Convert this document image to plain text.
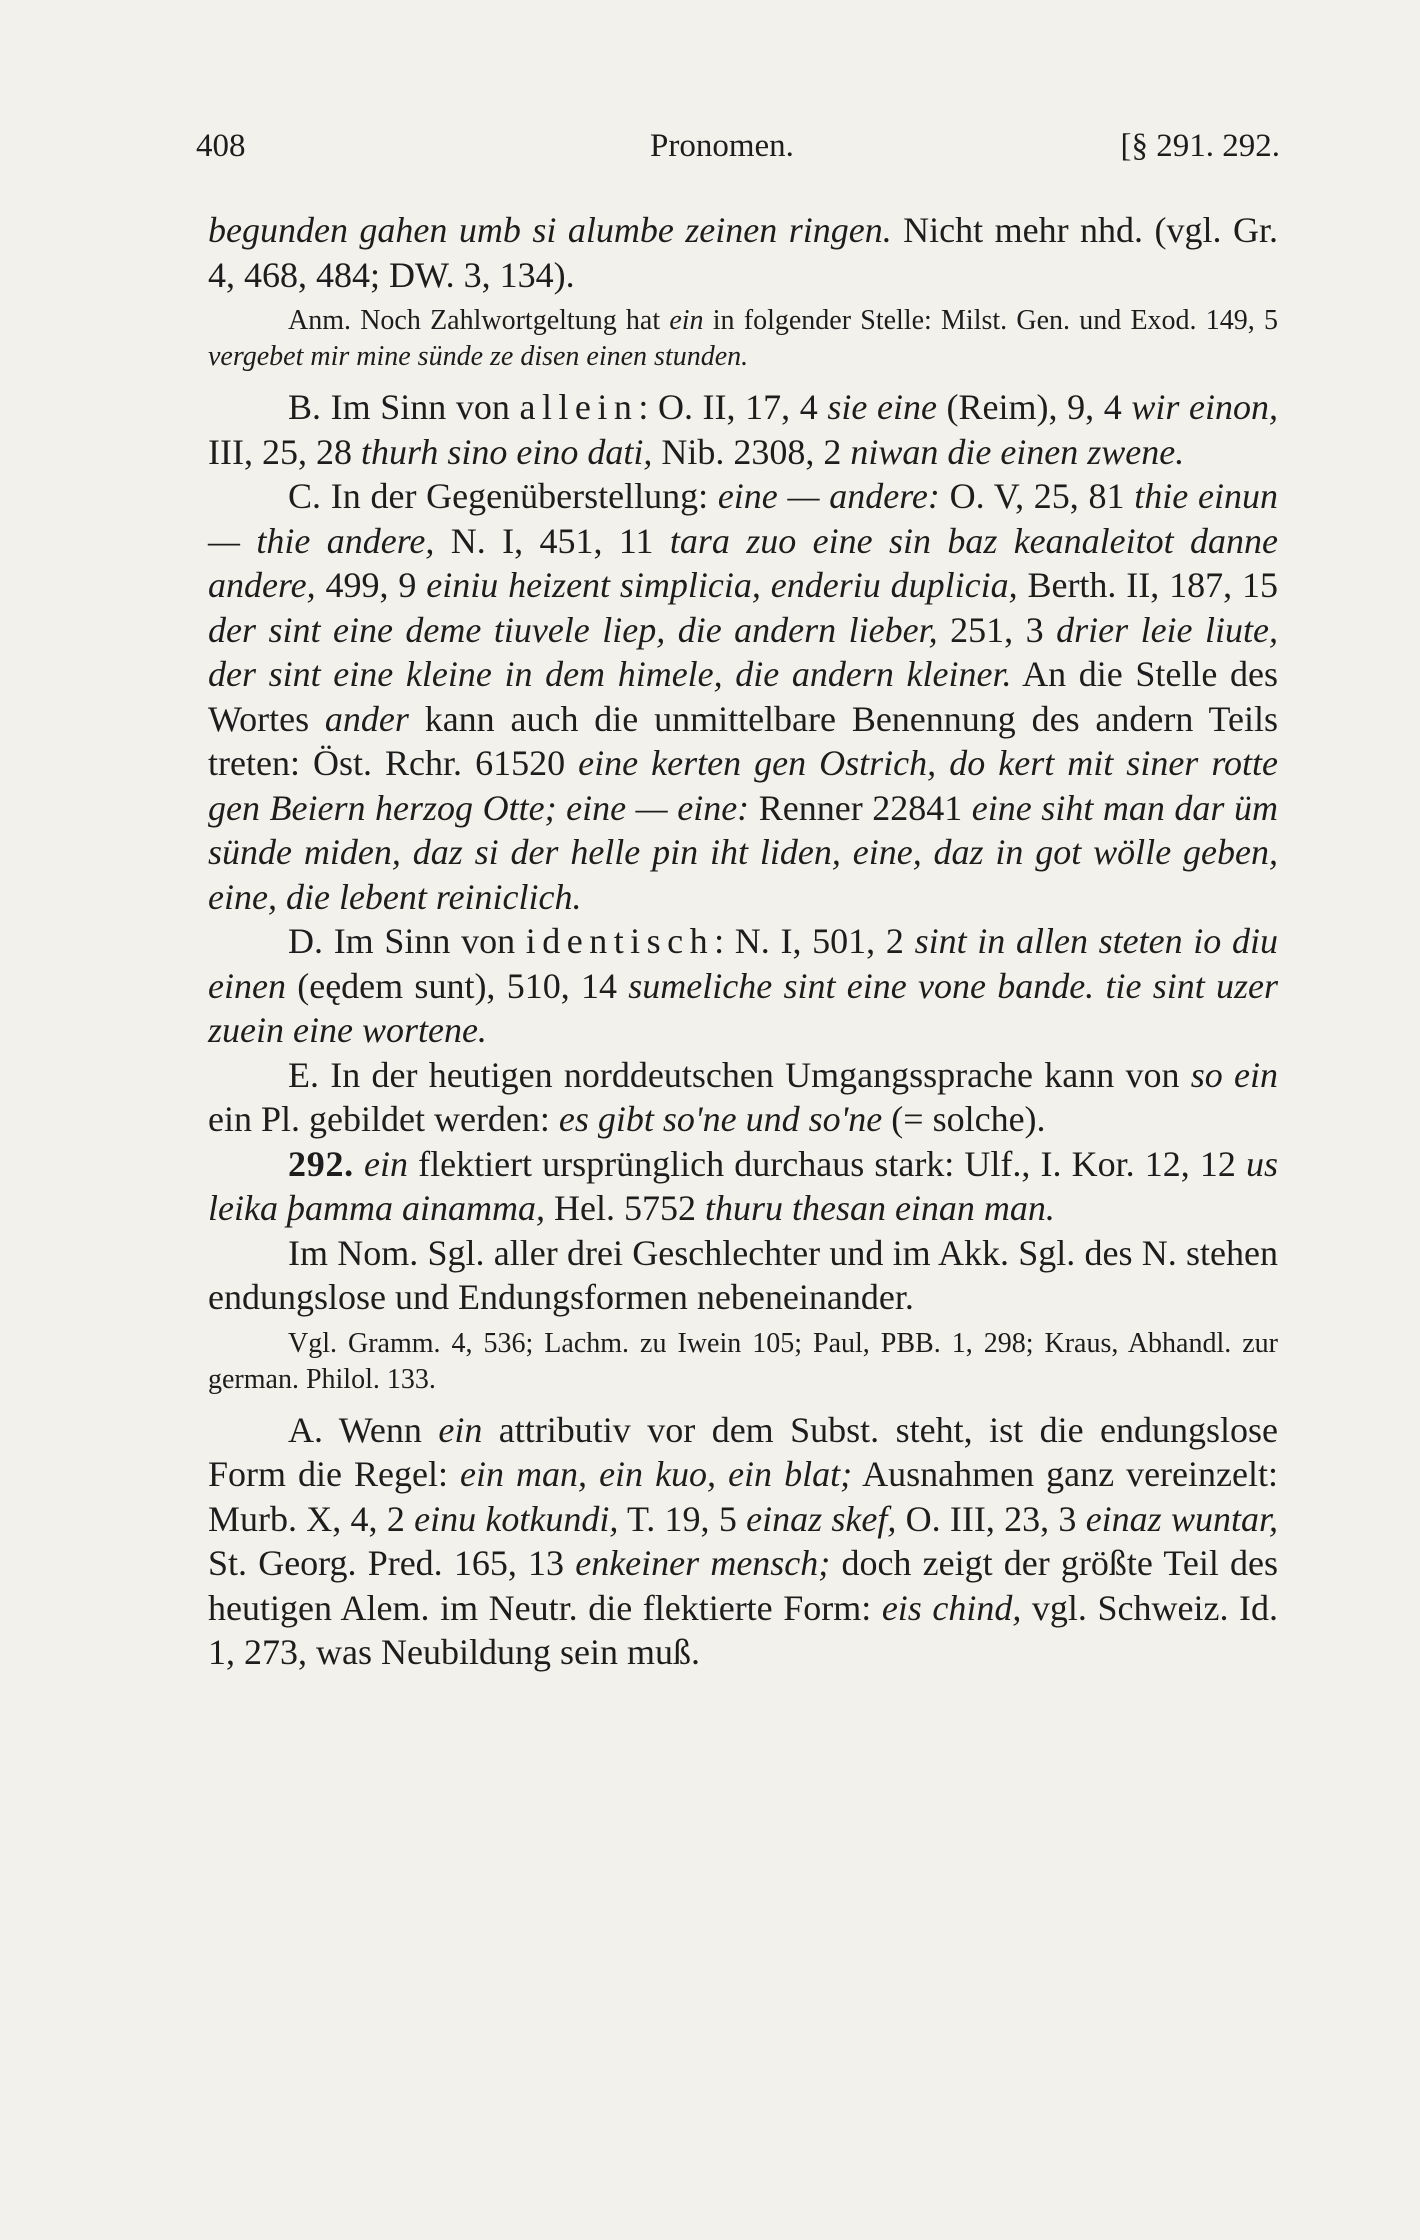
408	Pronomen.	[§ 291. 292.

begunden gahen umb si alumbe zeinen ringen. Nicht mehr nhd. (vgl. Gr. 4, 468, 484; DW. 3, 134).

Anm. Noch Zahlwortgeltung hat ein in folgender Stelle: Milst. Gen. und Exod. 149, 5 vergebet mir mine sünde ze disen einen stunden.

B. Im Sinn von allein: O. II, 17, 4 sie eine (Reim), 9, 4 wir einon, III, 25, 28 thurh sino eino dati, Nib. 2308, 2 niwan die einen zwene.

C. In der Gegenüberstellung: eine — andere: O. V, 25, 81 thie einun — thie andere, N. I, 451, 11 tara zuo eine sin baz keanaleitot danne andere, 499, 9 einiu heizent simplicia, enderiu duplicia, Berth. II, 187, 15 der sint eine deme tiuvele liep, die andern lieber, 251, 3 drier leie liute, der sint eine kleine in dem himele, die andern kleiner. An die Stelle des Wortes ander kann auch die unmittelbare Benennung des andern Teils treten: Öst. Rchr. 61520 eine kerten gen Ostrich, do kert mit siner rotte gen Beiern herzog Otte; eine — eine: Renner 22841 eine siht man dar üm sünde miden, daz si der helle pin iht liden, eine, daz in got wölle geben, eine, die lebent reiniclich.

D. Im Sinn von identisch: N. I, 501, 2 sint in allen steten io diu einen (eędem sunt), 510, 14 sumeliche sint eine vone bande. tie sint uzer zuein eine wortene.

E. In der heutigen norddeutschen Umgangssprache kann von so ein ein Pl. gebildet werden: es gibt so'ne und so'ne (= solche).

292. ein flektiert ursprünglich durchaus stark: Ulf., I. Kor. 12, 12 us leika þamma ainamma, Hel. 5752 thuru thesan einan man.

Im Nom. Sgl. aller drei Geschlechter und im Akk. Sgl. des N. stehen endungslose und Endungsformen nebeneinander.

Vgl. Gramm. 4, 536; Lachm. zu Iwein 105; Paul, PBB. 1, 298; Kraus, Abhandl. zur german. Philol. 133.

A. Wenn ein attributiv vor dem Subst. steht, ist die endungslose Form die Regel: ein man, ein kuo, ein blat; Ausnahmen ganz vereinzelt: Murb. X, 4, 2 einu kotkundi, T. 19, 5 einaz skef, O. III, 23, 3 einaz wuntar, St. Georg. Pred. 165, 13 enkeiner mensch; doch zeigt der größte Teil des heutigen Alem. im Neutr. die flektierte Form: eis chind, vgl. Schweiz. Id. 1, 273, was Neubildung sein muß.
